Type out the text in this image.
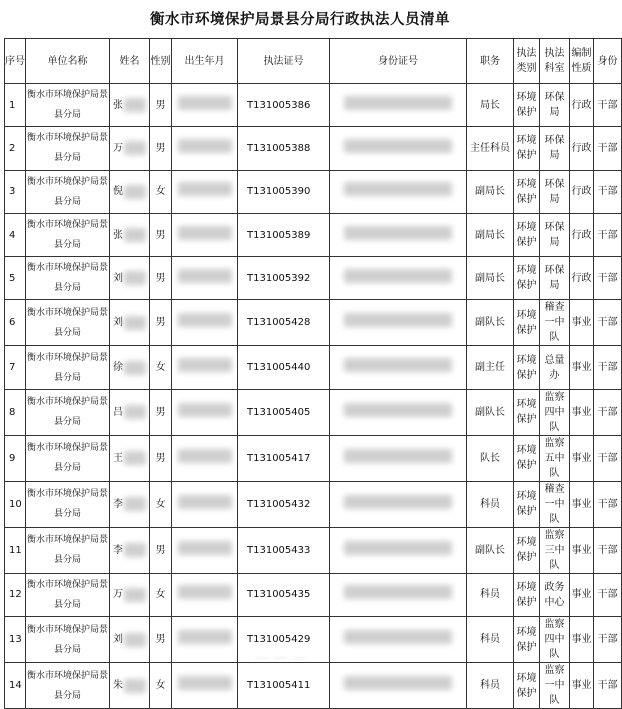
衡水市环境保护局景县分局行政执法人员清单
序号	单位名称	姓名	性别	出生年月	执法证号	身份证号	职务	执法类别	执法科室	编制性质	身份
1	衡水市环境保护局景县分局	张	男		T131005386		局长	环境保护	环保局	行政	干部
2	衡水市环境保护局景县分局	万	男		T131005388		主任科员	环境保护	环保局	行政	干部
3	衡水市环境保护局景县分局	倪	女		T131005390		副局长	环境保护	环保局	行政	干部
4	衡水市环境保护局景县分局	张	男		T131005389		副局长	环境保护	环保局	行政	干部
5	衡水市环境保护局景县分局	刘	男		T131005392		副局长	环境保护	环保局	行政	干部
6	衡水市环境保护局景县分局	刘	男		T131005428		副队长	环境保护	稽查一中队	事业	干部
7	衡水市环境保护局景县分局	徐	女		T131005440		副主任	环境保护	总量办	事业	干部
8	衡水市环境保护局景县分局	吕	男		T131005405		副队长	环境保护	监察四中队	事业	干部
9	衡水市环境保护局景县分局	王	男		T131005417		队长	环境保护	监察五中队	事业	干部
10	衡水市环境保护局景县分局	李	女		T131005432		科员	环境保护	稽查一中队	事业	干部
11	衡水市环境保护局景县分局	李	男		T131005433		副队长	环境保护	监察三中队	事业	干部
12	衡水市环境保护局景县分局	万	女		T131005435		科员	环境保护	政务中心	事业	干部
13	衡水市环境保护局景县分局	刘	男		T131005429		科员	环境保护	监察四中队	事业	干部
14	衡水市环境保护局景县分局	朱	女		T131005411		科员	环境保护	监察一中队	事业	干部
— — —
